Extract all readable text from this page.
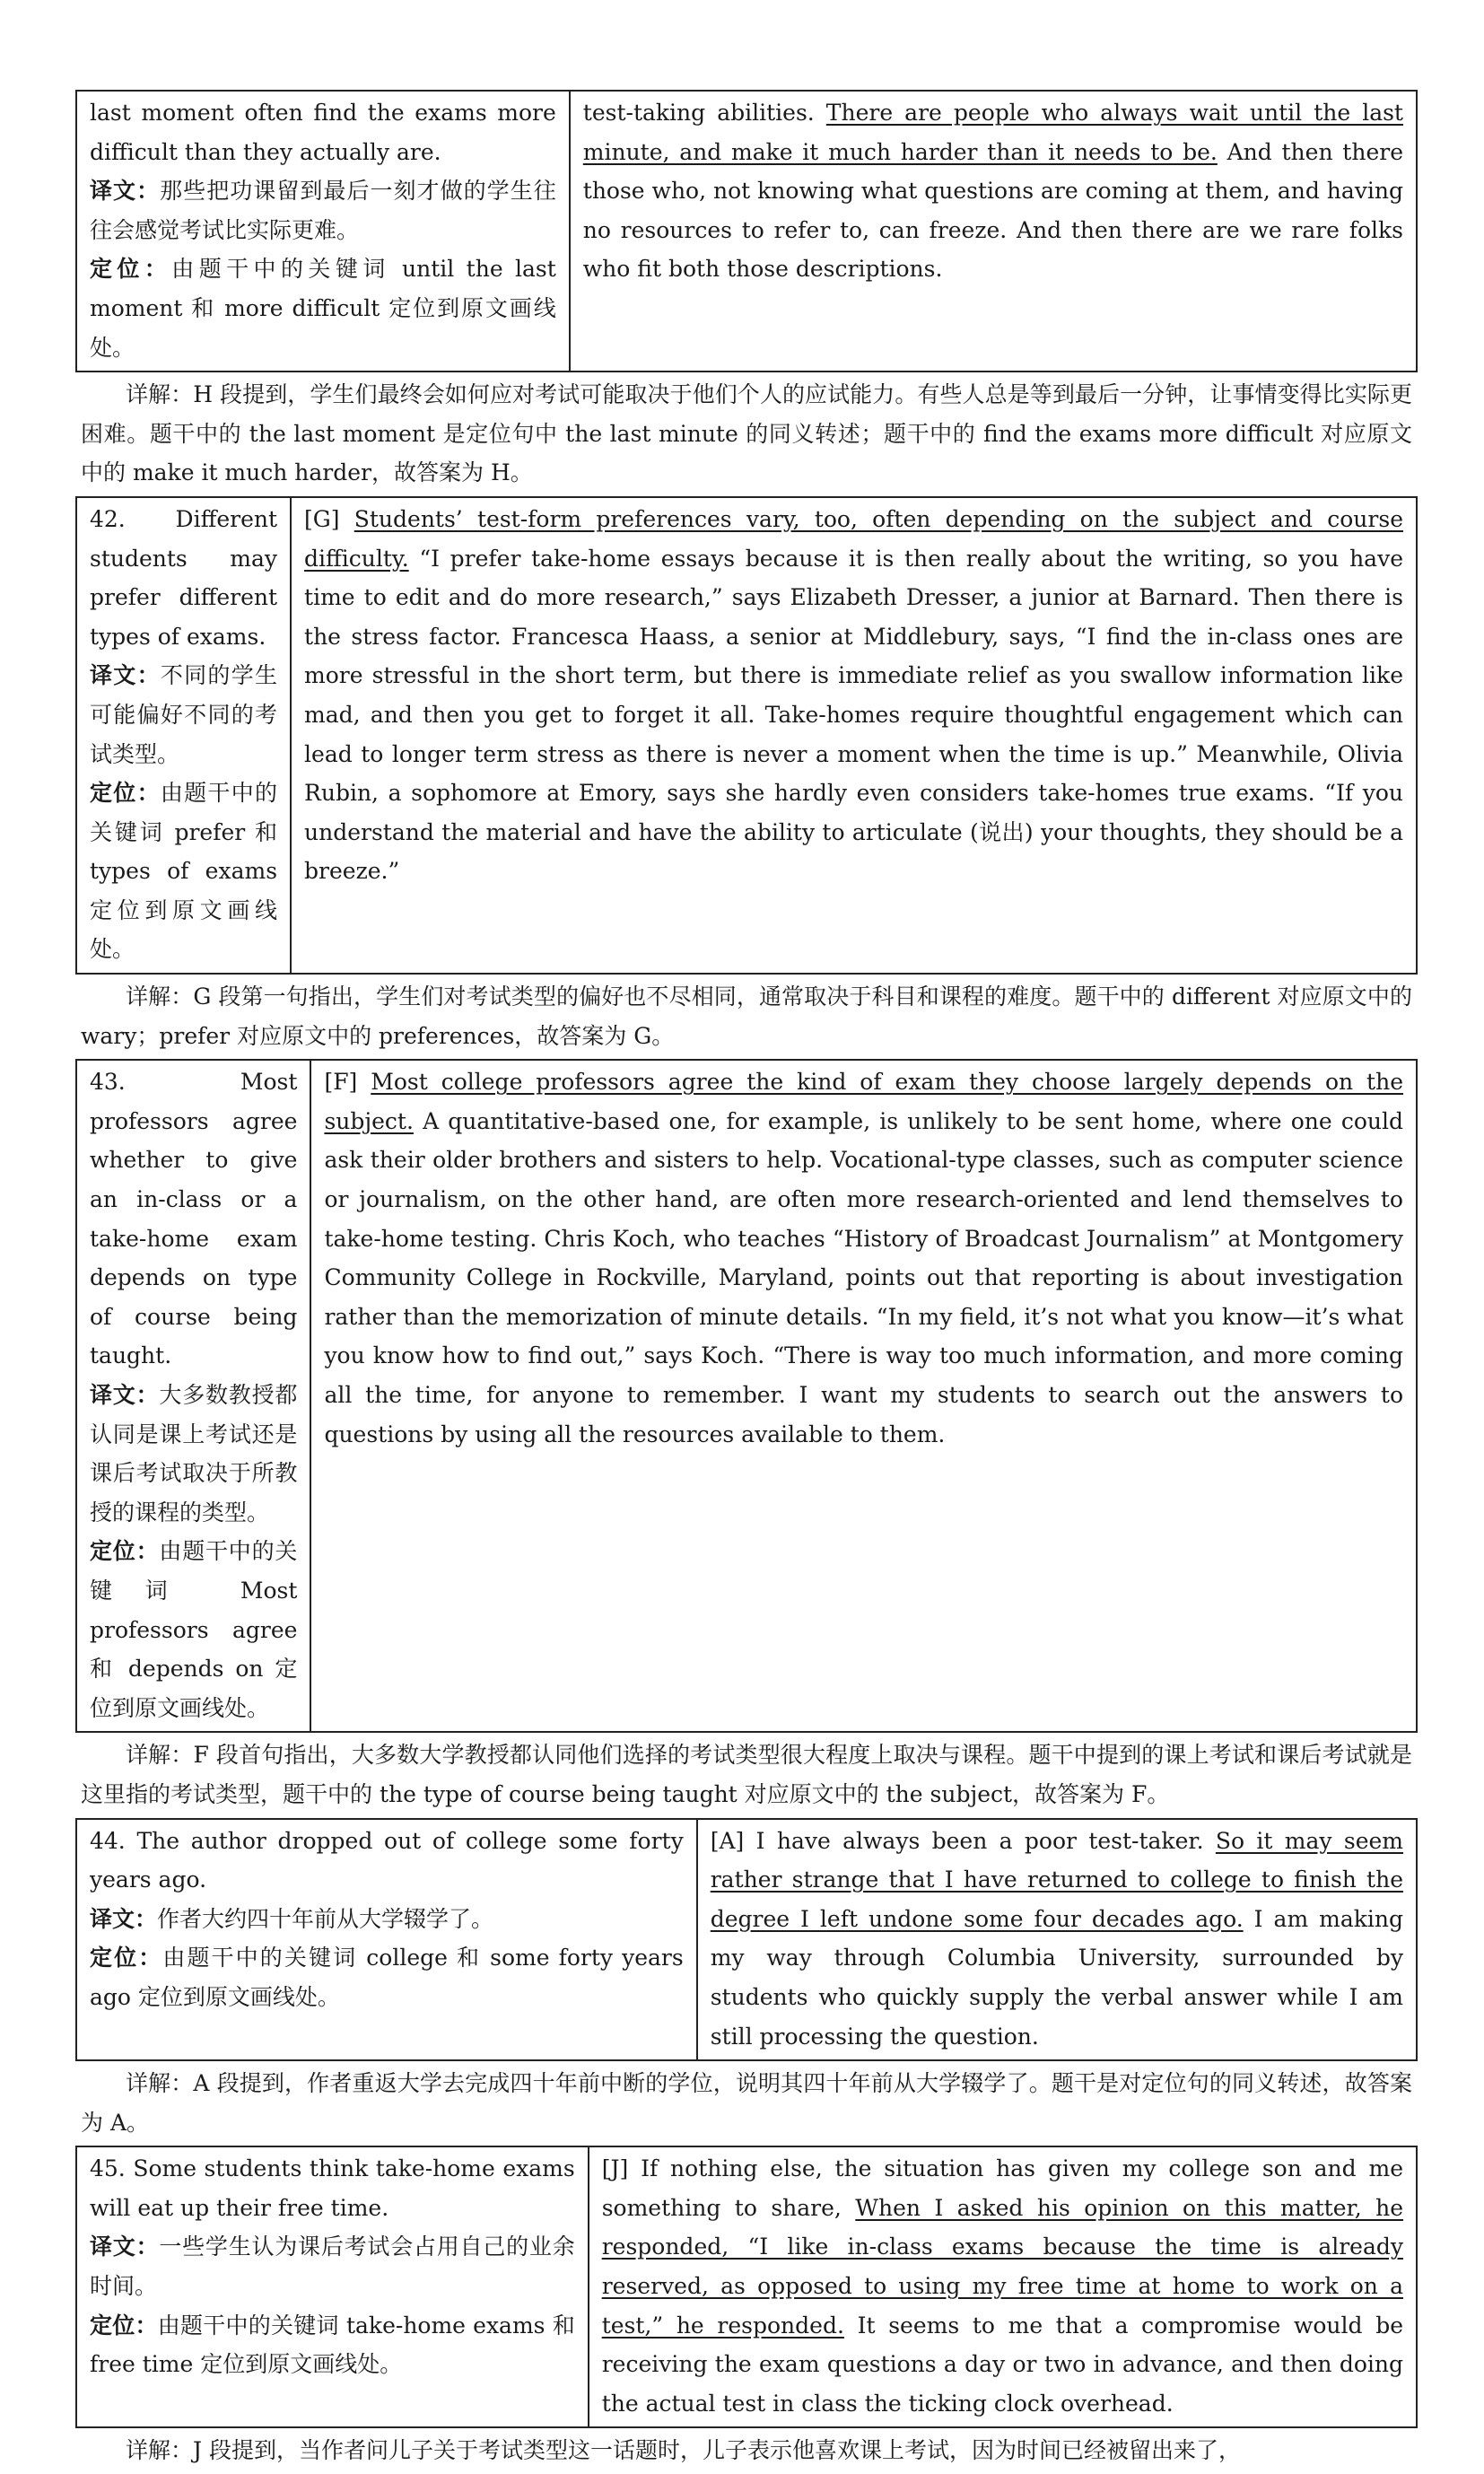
last moment often find the exams more difficult than they actually are.
译文：那些把功课留到最后一刻才做的学生往往会感觉考试比实际更难。
定位：由题干中的关键词 until the last moment 和 more difficult 定位到原文画线处。	test-taking abilities. There are people who always wait until the last minute, and make it much harder than it needs to be. And then there those who, not knowing what questions are coming at them, and having no resources to refer to, can freeze. And then there are we rare folks who fit both those descriptions.

详解：H 段提到，学生们最终会如何应对考试可能取决于他们个人的应试能力。有些人总是等到最后一分钟，让事情变得比实际更困难。题干中的 the last moment 是定位句中 the last minute 的同义转述；题干中的 find the exams more difficult 对应原文中的 make it much harder，故答案为 H。

42. Different students may prefer different types of exams.
译文：不同的学生可能偏好不同的考试类型。
定位：由题干中的关键词 prefer 和 types of exams 定位到原文画线处。	[G] Students’ test-form preferences vary, too, often depending on the subject and course difficulty. “I prefer take-home essays because it is then really about the writing, so you have time to edit and do more research,” says Elizabeth Dresser, a junior at Barnard. Then there is the stress factor. Francesca Haass, a senior at Middlebury, says, “I find the in-class ones are more stressful in the short term, but there is immediate relief as you swallow information like mad, and then you get to forget it all. Take-homes require thoughtful engagement which can lead to longer term stress as there is never a moment when the time is up.” Meanwhile, Olivia Rubin, a sophomore at Emory, says she hardly even considers take-homes true exams. “If you understand the material and have the ability to articulate (说出) your thoughts, they should be a breeze.”

详解：G 段第一句指出，学生们对考试类型的偏好也不尽相同，通常取决于科目和课程的难度。题干中的 different 对应原文中的 wary；prefer 对应原文中的 preferences，故答案为 G。

43. Most professors agree whether to give an in-class or a take-home exam depends on type of course being taught.
译文：大多数教授都认同是课上考试还是课后考试取决于所教授的课程的类型。
定位：由题干中的关键词 Most professors agree 和 depends on 定位到原文画线处。	[F] Most college professors agree the kind of exam they choose largely depends on the subject. A quantitative-based one, for example, is unlikely to be sent home, where one could ask their older brothers and sisters to help. Vocational-type classes, such as computer science or journalism, on the other hand, are often more research-oriented and lend themselves to take-home testing. Chris Koch, who teaches “History of Broadcast Journalism” at Montgomery Community College in Rockville, Maryland, points out that reporting is about investigation rather than the memorization of minute details. “In my field, it’s not what you know—it’s what you know how to find out,” says Koch. “There is way too much information, and more coming all the time, for anyone to remember. I want my students to search out the answers to questions by using all the resources available to them.

详解：F 段首句指出，大多数大学教授都认同他们选择的考试类型很大程度上取决与课程。题干中提到的课上考试和课后考试就是这里指的考试类型，题干中的 the type of course being taught 对应原文中的 the subject，故答案为 F。

44. The author dropped out of college some forty years ago.
译文：作者大约四十年前从大学辍学了。
定位：由题干中的关键词 college 和 some forty years ago 定位到原文画线处。	[A] I have always been a poor test-taker. So it may seem rather strange that I have returned to college to finish the degree I left undone some four decades ago. I am making my way through Columbia University, surrounded by students who quickly supply the verbal answer while I am still processing the question.

详解：A 段提到，作者重返大学去完成四十年前中断的学位，说明其四十年前从大学辍学了。题干是对定位句的同义转述，故答案为 A。

45. Some students think take-home exams will eat up their free time.
译文：一些学生认为课后考试会占用自己的业余时间。
定位：由题干中的关键词 take-home exams 和 free time 定位到原文画线处。	[J] If nothing else, the situation has given my college son and me something to share, When I asked his opinion on this matter, he responded, “I like in-class exams because the time is already reserved, as opposed to using my free time at home to work on a test,” he responded. It seems to me that a compromise would be receiving the exam questions a day or two in advance, and then doing the actual test in class the ticking clock overhead.

详解：J 段提到，当作者问儿子关于考试类型这一话题时，儿子表示他喜欢课上考试，因为时间已经被留出来了，
